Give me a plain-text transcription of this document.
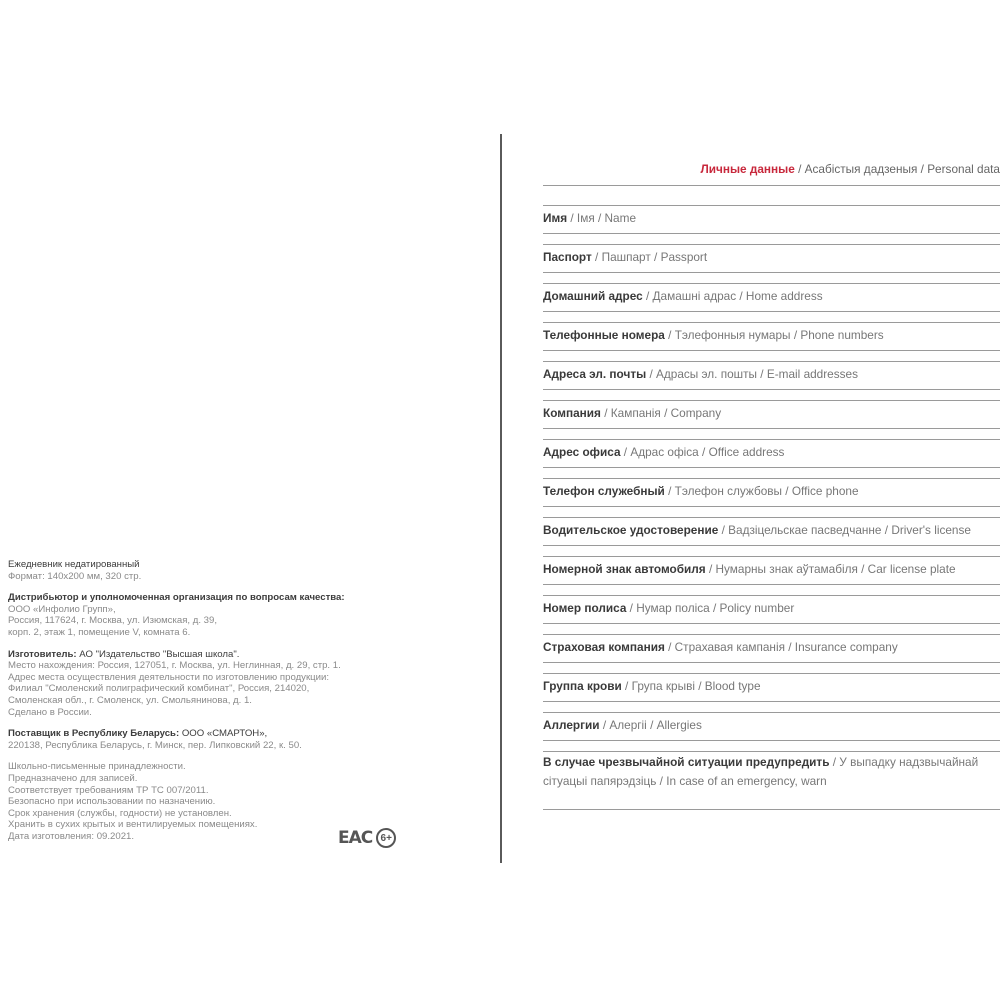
Ежедневник недатированный

Формат: 140х200 мм, 320 стр.

Дистрибьютор и уполномоченная организация по вопросам качества:

ООО «Инфолио Групп»,

Россия, 117624, г. Москва, ул. Изюмская, д. 39,

корп. 2, этаж 1, помещение V, комната 6.

Изготовитель: АО "Издательство "Высшая школа".

Место нахождения: Россия, 127051, г. Москва, ул. Неглинная, д. 29, стр. 1.

Адрес места осуществления деятельности по изготовлению продукции:

Филиал "Смоленский полиграфический комбинат", Россия, 214020,

Смоленская обл., г. Смоленск, ул. Смольянинова, д. 1.

Сделано в России.

Поставщик в Республику Беларусь: ООО «СМАРТОН»,

220138, Республика Беларусь, г. Минск, пер. Липковский 22, к. 50.

Школьно-письменные принадлежности.

Предназначено для записей.

Соответствует требованиям ТР ТС 007/2011.

Безопасно при использовании по назначению.

Срок хранения (службы, годности) не установлен.

Хранить в сухих крытых и вентилируемых помещениях.

Дата изготовления: 09.2021.	ЕАС 6+
Личные данные / Асабістыя дадзеныя / Personal data
Имя / Імя / Name
Паспорт / Пашпарт / Passport
Домашний адрес / Дамашні адрас / Home address
Телефонные номера / Тэлефонныя нумары / Phone numbers
Адреса эл. почты / Адрасы эл. пошты / E-mail addresses
Компания / Кампанія / Company
Адрес офиса / Адрас офіса / Office address
Телефон служебный / Тэлефон службовы / Office phone
Водительское удостоверение / Вадзіцельскае пасведчанне / Driver's license
Номерной знак автомобиля / Нумарны знак аўтамабіля / Car license plate
Номер полиса / Нумар поліса / Policy number
Страховая компания / Страхавая кампанія / Insurance company
Группа крови / Група крыві / Blood type
Аллергии / Алергіі / Allergies
В случае чрезвычайной ситуации предупредить / У выпадку надзвычайнай
сітуацыі папярэдзіць / In case of an emergency, warn
